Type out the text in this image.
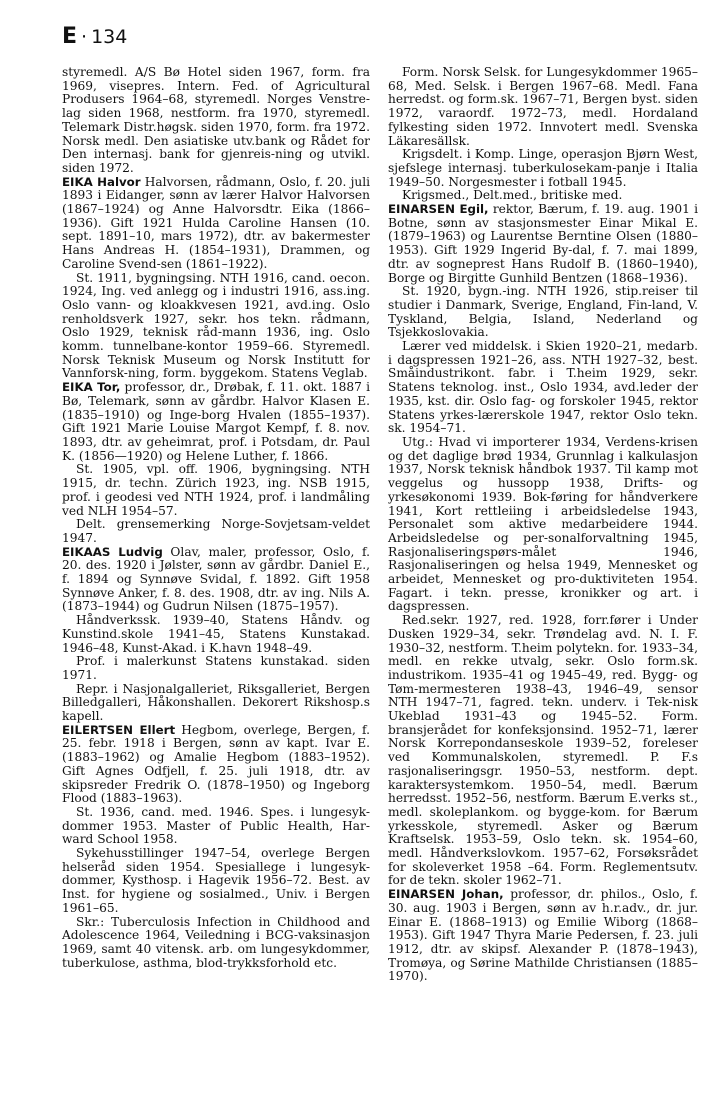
E · 134

styremedl. A/S Bø Hotel siden 1967, form. fra 1969, visepres. Intern. Fed. of Agricultural Produsers 1964–68, styremedl. Norges Venstre-lag siden 1968, nestform. fra 1970, styremedl. Telemark Distr.høgsk. siden 1970, form. fra 1972. Norsk medl. Den asiatiske utv.bank og Rådet for Den internasj. bank for gjenreis-ning og utvikl. siden 1972.

EIKA Halvor Halvorsen, rådmann, Oslo, f. 20. juli 1893 i Eidanger, sønn av lærer Halvor Halvorsen (1867–1924) og Anne Halvorsdtr. Eika (1866–1936). Gift 1921 Hulda Caroline Hansen (10. sept. 1891–10, mars 1972), dtr. av bakermester Hans Andreas H. (1854–1931), Drammen, og Caroline Svend-sen (1861–1922).

St. 1911, bygningsing. NTH 1916, cand. oecon. 1924, Ing. ved anlegg og i industri 1916, ass.ing. Oslo vann- og kloakkvesen 1921, avd.ing. Oslo renholdsverk 1927, sekr. hos tekn. rådmann, Oslo 1929, teknisk råd-mann 1936, ing. Oslo komm. tunnelbane-kontor 1959–66. Styremedl. Norsk Teknisk Museum og Norsk Institutt for Vannforsk-ning, form. byggekom. Statens Veglab.

EIKA Tor, professor, dr., Drøbak, f. 11. okt. 1887 i Bø, Telemark, sønn av gårdbr. Halvor Klasen E. (1835–1910) og Inge-borg Hvalen (1855–1937). Gift 1921 Marie Louise Margot Kempf, f. 8. nov. 1893, dtr. av geheimrat, prof. i Potsdam, dr. Paul K. (1856—1920) og Helene Luther, f. 1866.

St. 1905, vpl. off. 1906, bygningsing. NTH 1915, dr. techn. Zürich 1923, ing. NSB 1915, prof. i geodesi ved NTH 1924, prof. i landmåling ved NLH 1954–57.

Delt. grensemerking Norge-Sovjetsam-veldet 1947.

EIKAAS Ludvig Olav, maler, professor, Oslo, f. 20. des. 1920 i Jølster, sønn av gårdbr. Daniel E., f. 1894 og Synnøve Svidal, f. 1892. Gift 1958 Synnøve Anker, f. 8. des. 1908, dtr. av ing. Nils A. (1873–1944) og Gudrun Nilsen (1875–1957).

Håndverkssk. 1939–40, Statens Håndv. og Kunstind.skole 1941–45, Statens Kunstakad. 1946–48, Kunst-Akad. i K.havn 1948–49.

Prof. i malerkunst Statens kunstakad. siden 1971.

Repr. i Nasjonalgalleriet, Riksgalleriet, Bergen Billedgalleri, Håkonshallen. Dekorert Rikshosp.s kapell.

EILERTSEN Ellert Hegbom, overlege, Bergen, f. 25. febr. 1918 i Bergen, sønn av kapt. Ivar E. (1883–1962) og Amalie Hegbom (1883–1952). Gift Agnes Odfjell, f. 25. juli 1918, dtr. av skipsreder Fredrik O. (1878–1950) og Ingeborg Flood (1883–1963).

St. 1936, cand. med. 1946. Spes. i lungesyk-dommer 1953. Master of Public Health, Har-ward School 1958.

Sykehusstillinger 1947–54, overlege Bergen helseråd siden 1954. Spesiallege i lungesyk-dommer, Kysthosp. i Hagevik 1956–72. Best. av Inst. for hygiene og sosialmed., Univ. i Bergen 1961–65.

Skr.: Tuberculosis Infection in Childhood and Adolescence 1964, Veiledning i BCG-vaksinasjon 1969, samt 40 vitensk. arb. om lungesykdommer, tuberkulose, asthma, blod-trykksforhold etc.

Form. Norsk Selsk. for Lungesykdommer 1965–68, Med. Selsk. i Bergen 1967–68. Medl. Fana herredst. og form.sk. 1967–71, Bergen byst. siden 1972, varaordf. 1972–73, medl. Hordaland fylkesting siden 1972. Innvotert medl. Svenska Läkaresällsk.

Krigsdelt. i Komp. Linge, operasjon Bjørn West, sjefslege internasj. tuberkulosekam-panje i Italia 1949–50. Norgesmester i fotball 1945.

Krigsmed., Delt.med., britiske med.

EINARSEN Egil, rektor, Bærum, f. 19. aug. 1901 i Botne, sønn av stasjonsmester Einar Mikal E. (1879–1963) og Laurentse Berntine Olsen (1880–1953). Gift 1929 Ingerid By-dal, f. 7. mai 1899, dtr. av sogneprest Hans Rudolf B. (1860–1940), Borge og Birgitte Gunhild Bentzen (1868–1936).

St. 1920, bygn.-ing. NTH 1926, stip.reiser til studier i Danmark, Sverige, England, Fin-land, V. Tyskland, Belgia, Island, Nederland og Tsjekkoslovakia.

Lærer ved middelsk. i Skien 1920–21, medarb. i dagspressen 1921–26, ass. NTH 1927–32, best. Småindustrikont. fabr. i T.heim 1929, sekr. Statens teknolog. inst., Oslo 1934, avd.leder der 1935, kst. dir. Oslo fag- og forskoler 1945, rektor Statens yrkes-lærerskole 1947, rektor Oslo tekn. sk. 1954–71.

Utg.: Hvad vi importerer 1934, Verdens-krisen og det daglige brød 1934, Grunnlag i kalkulasjon 1937, Norsk teknisk håndbok 1937. Til kamp mot veggelus og hussopp 1938, Drifts- og yrkesøkonomi 1939. Bok-føring for håndverkere 1941, Kort rettleiing i arbeidsledelse 1943, Personalet som aktive medarbeidere 1944. Arbeidsledelse og per-sonalforvaltning 1945, Rasjonaliseringspørs-målet 1946, Rasjonaliseringen og helsa 1949, Mennesket og arbeidet, Mennesket og pro-duktiviteten 1954. Fagart. i tekn. presse, kronikker og art. i dagspressen.

Red.sekr. 1927, red. 1928, forr.fører i Under Dusken 1929–34, sekr. Trøndelag avd. N. I. F. 1930–32, nestform. T.heim polytekn. for. 1933–34, medl. en rekke utvalg, sekr. Oslo form.sk. industrikom. 1935–41 og 1945–49, red. Bygg- og Tøm-mermesteren 1938–43, 1946–49, sensor NTH 1947–71, fagred. tekn. underv. i Tek-nisk Ukeblad 1931–43 og 1945–52. Form. bransjerådet for konfeksjonsind. 1952–71, lærer Norsk Korrepondanseskole 1939–52, foreleser ved Kommunalskolen, styremedl. P. F.s rasjonaliseringsgr. 1950–53, nestform. dept. karaktersystemkom. 1950–54, medl. Bærum herredsst. 1952–56, nestform. Bærum E.verks st., medl. skoleplankom. og bygge-kom. for Bærum yrkesskole, styremedl. Asker og Bærum Kraftselsk. 1953–59, Oslo tekn. sk. 1954–60, medl. Håndverkslovkom. 1957–62, Forsøksrådet for skoleverket 1958 –64. Form. Reglementsutv. for de tekn. skoler 1962–71.

EINARSEN Johan, professor, dr. philos., Oslo, f. 30. aug. 1903 i Bergen, sønn av h.r.adv., dr. jur. Einar E. (1868–1913) og Emilie Wiborg (1868–1953). Gift 1947 Thyra Marie Pedersen, f. 23. juli 1912, dtr. av skipsf. Alexander P. (1878–1943), Tromøya, og Sørine Mathilde Christiansen (1885–1970).
